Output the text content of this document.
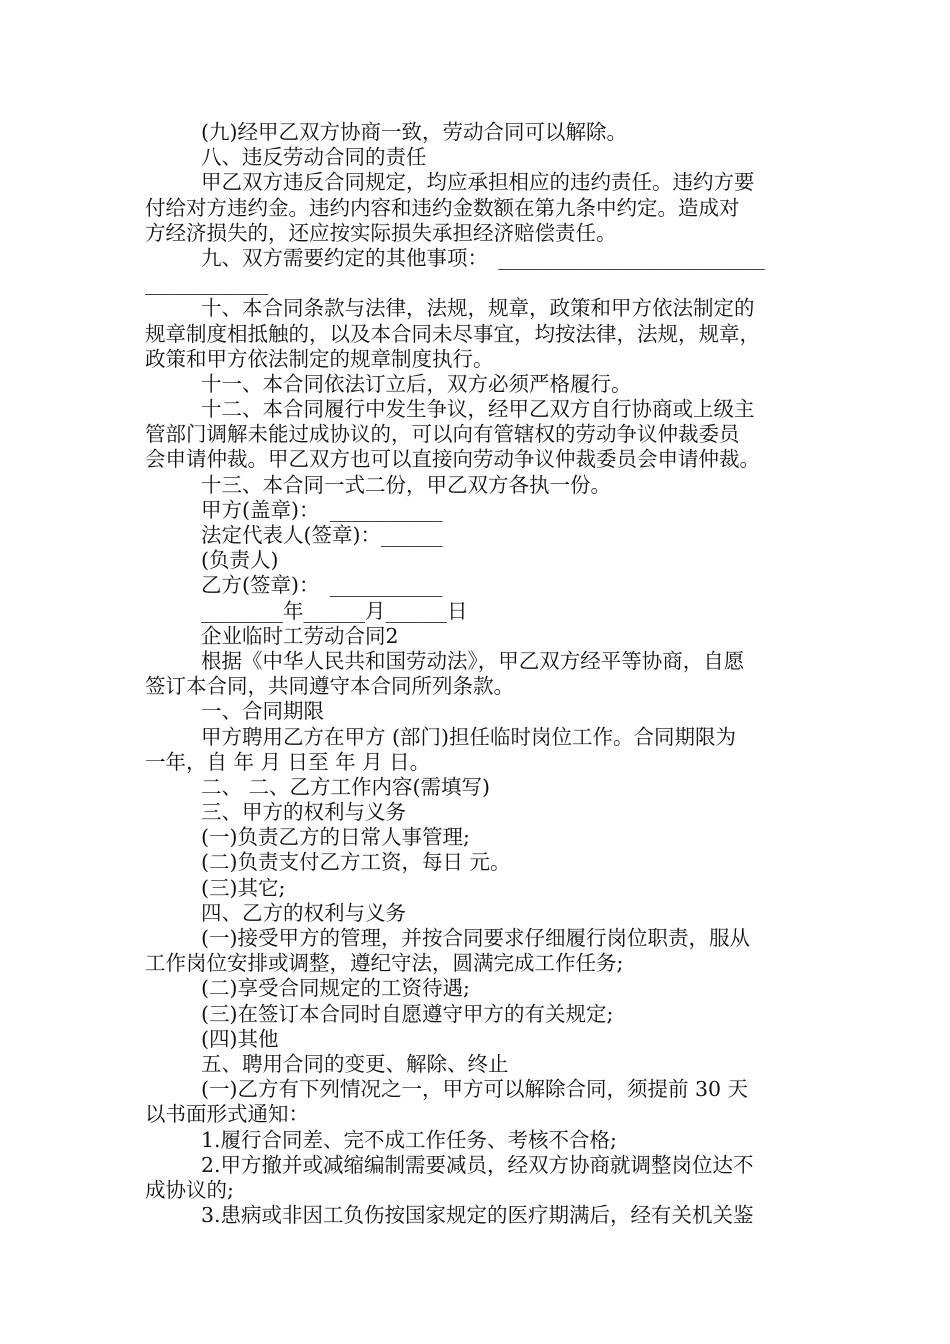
(九)经甲乙双方协商一致，劳动合同可以解除。
八、违反劳动合同的责任
甲乙双方违反合同规定，均应承担相应的违约责任。违约方要
付给对方违约金。违约内容和违约金数额在第九条中约定。造成对
方经济损失的，还应按实际损失承担经济赔偿责任。
九、双方需要约定的其他事项：　__________________________
____________
十、本合同条款与法律，法规，规章，政策和甲方依法制定的
规章制度相抵触的，以及本合同未尽事宜，均按法律，法规，规章，
政策和甲方依法制定的规章制度执行。
十一、本合同依法订立后，双方必须严格履行。
十二、本合同履行中发生争议，经甲乙双方自行协商或上级主
管部门调解未能过成协议的，可以向有管辖权的劳动争议仲裁委员
会申请仲裁。甲乙双方也可以直接向劳动争议仲裁委员会申请仲裁。
十三、本合同一式二份，甲乙双方各执一份。
甲方(盖章)：　___________
法定代表人(签章)：______
(负责人)
乙方(签章)：　___________
________年______月______日
企业临时工劳动合同2
根据《中华人民共和国劳动法》，甲乙双方经平等协商，自愿
签订本合同，共同遵守本合同所列条款。
一、合同期限
甲方聘用乙方在甲方 (部门)担任临时岗位工作。合同期限为
一年，自 年 月 日至 年 月 日。
二、 二、乙方工作内容(需填写)
三、甲方的权利与义务
(一)负责乙方的日常人事管理;
(二)负责支付乙方工资，每日 元。
(三)其它;
四、乙方的权利与义务
(一)接受甲方的管理，并按合同要求仔细履行岗位职责，服从
工作岗位安排或调整，遵纪守法，圆满完成工作任务;
(二)享受合同规定的工资待遇;
(三)在签订本合同时自愿遵守甲方的有关规定;
(四)其他
五、聘用合同的变更、解除、终止
(一)乙方有下列情况之一，甲方可以解除合同，须提前 30 天
以书面形式通知：
1.履行合同差、完不成工作任务、考核不合格;
2.甲方撤并或减缩编制需要减员，经双方协商就调整岗位达不
成协议的;
3.患病或非因工负伤按国家规定的医疗期满后，经有关机关鉴
